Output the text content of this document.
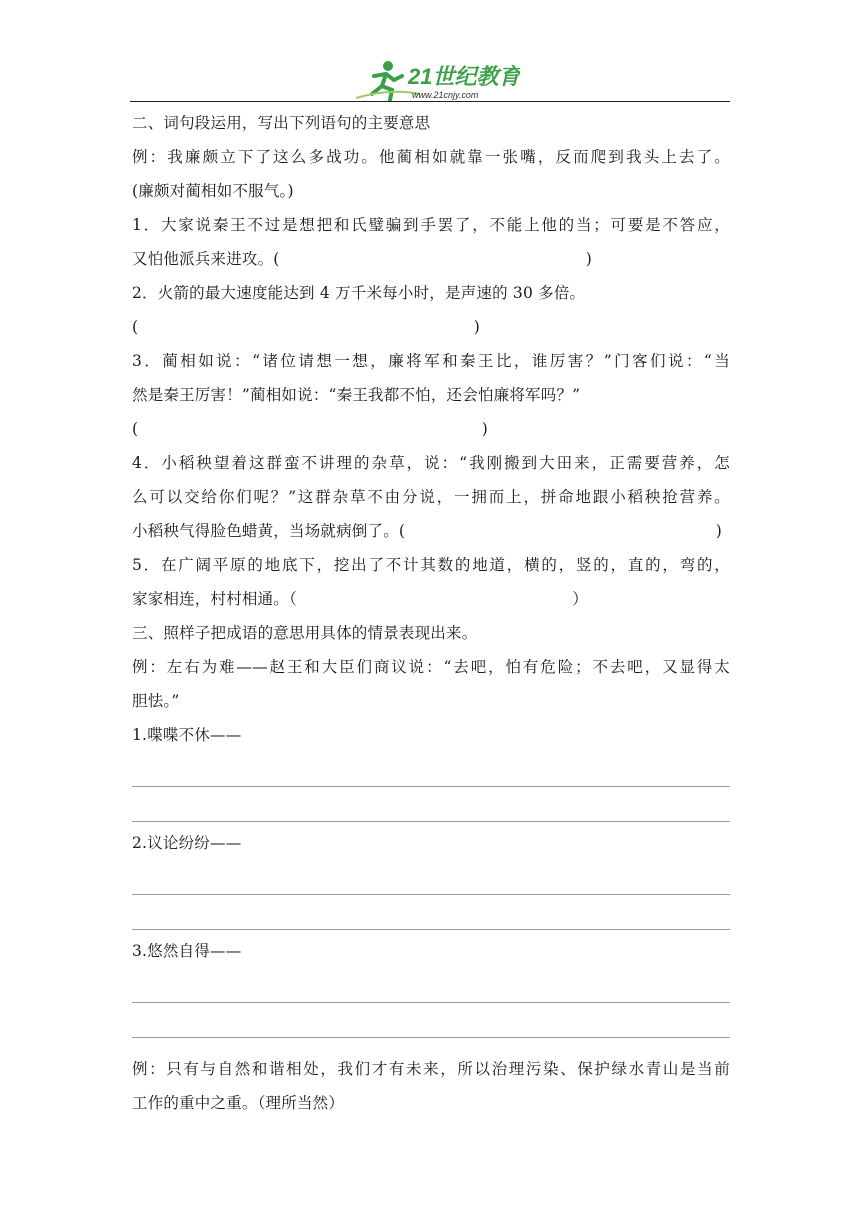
21世纪教育
www.21cnjy.com
二、词句段运用，写出下列语句的主要意思
例：我廉颇立下了这么多战功。他蔺相如就靠一张嘴，反而爬到我头上去了。
(廉颇对蔺相如不服气。)
1．大家说秦王不过是想把和氏璧骗到手罢了，不能上他的当；可要是不答应，
又怕他派兵来进攻。(	)
2．火箭的最大速度能达到 4 万千米每小时，是声速的 30 多倍。
(	)
3．蔺相如说：“诸位请想一想，廉将军和秦王比，谁厉害？”门客们说：“当
然是秦王厉害！”蔺相如说：“秦王我都不怕，还会怕廉将军吗？”
(	)
4．小稻秧望着这群蛮不讲理的杂草，说：“我刚搬到大田来，正需要营养，怎
么可以交给你们呢？”这群杂草不由分说，一拥而上，拼命地跟小稻秧抢营养。
小稻秧气得脸色蜡黄，当场就病倒了。(	)
5．在广阔平原的地底下，挖出了不计其数的地道，横的，竖的，直的，弯的，
家家相连，村村相通。（	）
三、照样子把成语的意思用具体的情景表现出来。
例：左右为难——赵王和大臣们商议说：“去吧，怕有危险；不去吧，又显得太
胆怯。”
1.喋喋不休——
2.议论纷纷——
3.悠然自得——
例：只有与自然和谐相处，我们才有未来，所以治理污染、保护绿水青山是当前
工作的重中之重。（理所当然）
